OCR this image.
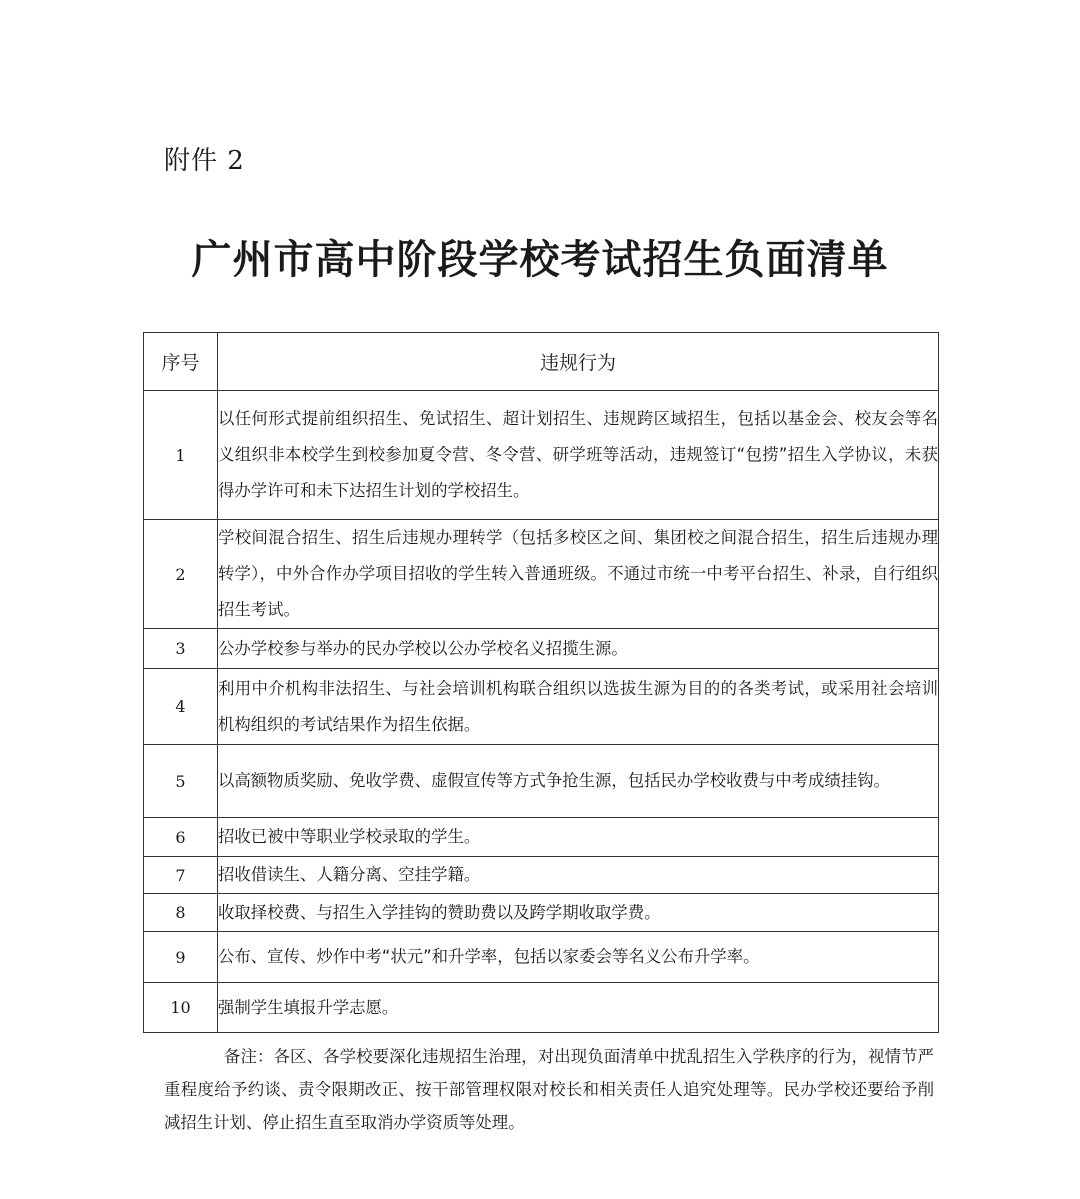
附件 2
广州市高中阶段学校考试招生负面清单
序号	违规行为
1	以任何形式提前组织招生、免试招生、超计划招生、违规跨区域招生，包括以基金会、校友会等名义组织非本校学生到校参加夏令营、冬令营、研学班等活动，违规签订“包捞”招生入学协议，未获得办学许可和未下达招生计划的学校招生。
2	学校间混合招生、招生后违规办理转学（包括多校区之间、集团校之间混合招生，招生后违规办理转学），中外合作办学项目招收的学生转入普通班级。不通过市统一中考平台招生、补录，自行组织招生考试。
3	公办学校参与举办的民办学校以公办学校名义招揽生源。
4	利用中介机构非法招生、与社会培训机构联合组织以选拔生源为目的的各类考试，或采用社会培训机构组织的考试结果作为招生依据。
5	以高额物质奖励、免收学费、虚假宣传等方式争抢生源，包括民办学校收费与中考成绩挂钩。
6	招收已被中等职业学校录取的学生。
7	招收借读生、人籍分离、空挂学籍。
8	收取择校费、与招生入学挂钩的赞助费以及跨学期收取学费。
9	公布、宣传、炒作中考“状元”和升学率，包括以家委会等名义公布升学率。
10	强制学生填报升学志愿。
备注：各区、各学校要深化违规招生治理，对出现负面清单中扰乱招生入学秩序的行为，视情节严重程度给予约谈、责令限期改正、按干部管理权限对校长和相关责任人追究处理等。民办学校还要给予削减招生计划、停止招生直至取消办学资质等处理。
